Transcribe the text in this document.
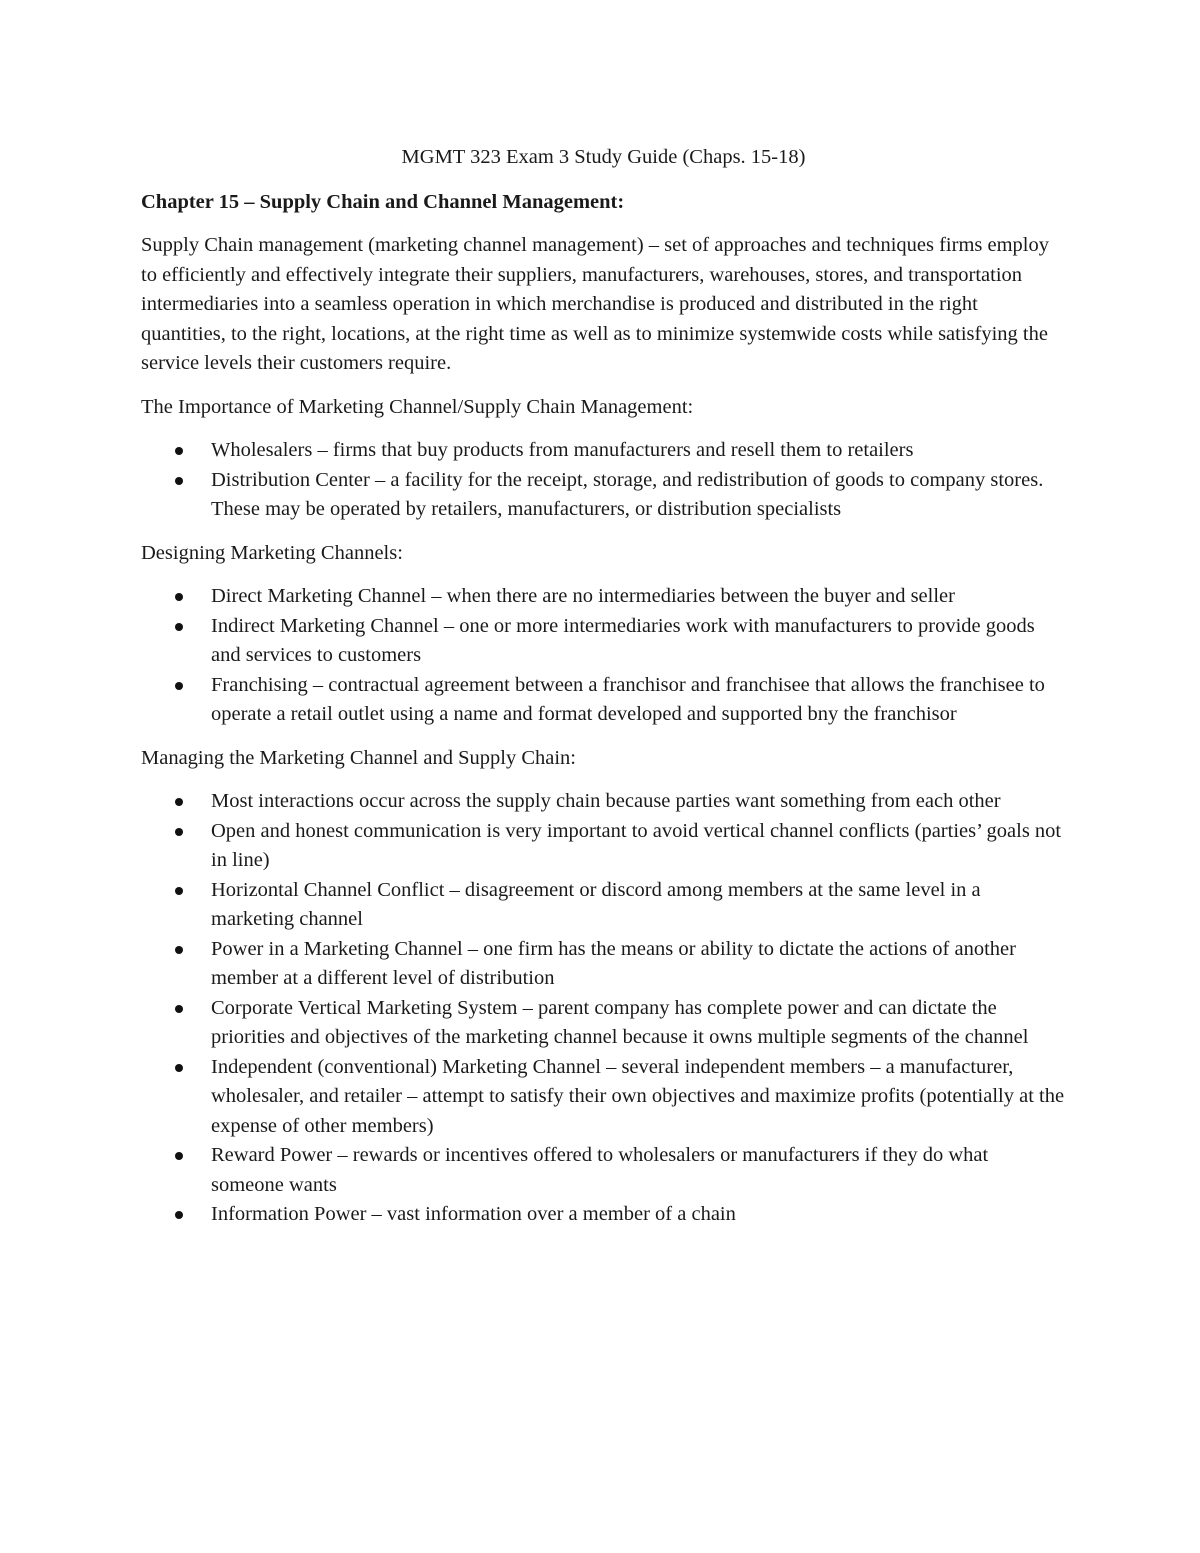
MGMT 323 Exam 3 Study Guide (Chaps. 15-18)
Chapter 15 – Supply Chain and Channel Management:

Supply Chain management (marketing channel management) – set of approaches and techniques firms employ to efficiently and effectively integrate their suppliers, manufacturers, warehouses, stores, and transportation intermediaries into a seamless operation in which merchandise is produced and distributed in the right quantities, to the right, locations, at the right time as well as to minimize systemwide costs while satisfying the service levels their customers require.

The Importance of Marketing Channel/Supply Chain Management:

Wholesalers – firms that buy products from manufacturers and resell them to retailers
Distribution Center – a facility for the receipt, storage, and redistribution of goods to company stores. These may be operated by retailers, manufacturers, or distribution specialists

Designing Marketing Channels:

Direct Marketing Channel – when there are no intermediaries between the buyer and seller
Indirect Marketing Channel – one or more intermediaries work with manufacturers to provide goods and services to customers
Franchising – contractual agreement between a franchisor and franchisee that allows the franchisee to operate a retail outlet using a name and format developed and supported bny the franchisor

Managing the Marketing Channel and Supply Chain:

Most interactions occur across the supply chain because parties want something from each other
Open and honest communication is very important to avoid vertical channel conflicts (parties’ goals not in line)
Horizontal Channel Conflict – disagreement or discord among members at the same level in a marketing channel
Power in a Marketing Channel – one firm has the means or ability to dictate the actions of another member at a different level of distribution
Corporate Vertical Marketing System – parent company has complete power and can dictate the priorities and objectives of the marketing channel because it owns multiple segments of the channel
Independent (conventional) Marketing Channel – several independent members – a manufacturer, wholesaler, and retailer – attempt to satisfy their own objectives and maximize profits (potentially at the expense of other members)
Reward Power – rewards or incentives offered to wholesalers or manufacturers if they do what someone wants
Information Power – vast information over a member of a chain
